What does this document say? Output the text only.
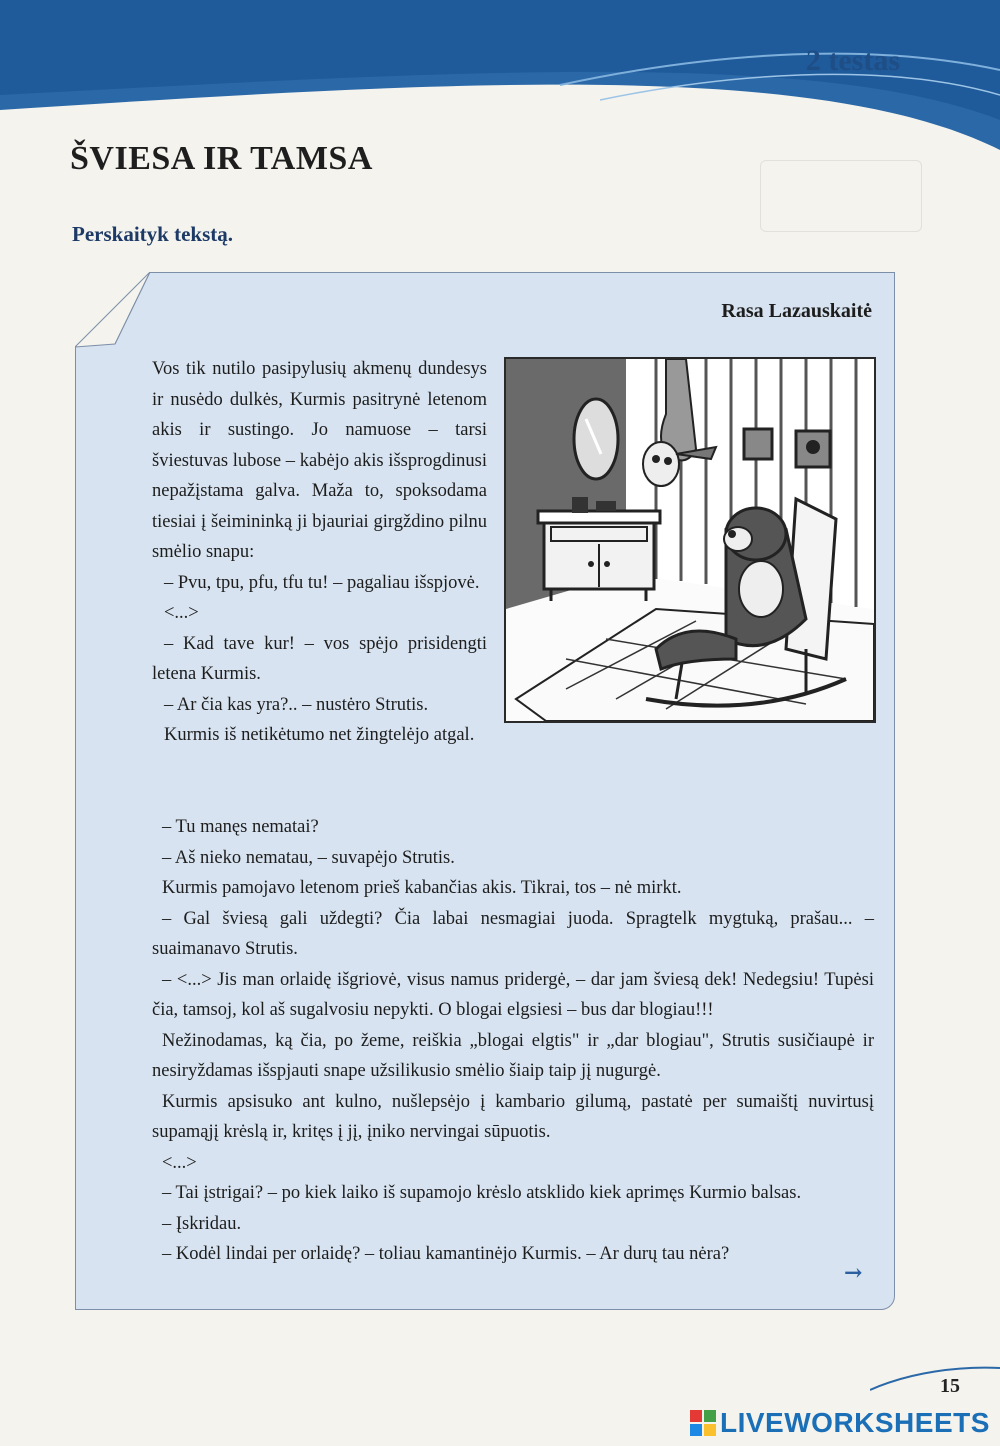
2 testas
ŠVIESA IR TAMSA
Perskaityk tekstą.
Rasa Lazauskaitė

Vos tik nutilo pasipylusių akmenų dundesys ir nusėdo dulkės, Kurmis pasitrynė letenom akis ir sustingo. Jo namuose – tarsi šviestuvas lubose – kabėjo akis išsprogdinusi nepažįstama galva. Maža to, spoksodama tiesiai į šeimininką ji bjauriai girgždino pilnu smėlio snapu:

– Pvu, tpu, pfu, tfu tu! – pagaliau išspjovė.

<...>

– Kad tave kur! – vos spėjo prisidengti letena Kurmis.

– Ar čia kas yra?.. – nustėro Strutis.

Kurmis iš netikėtumo net žingtelėjo atgal.

– Tu manęs nematai?

– Aš nieko nematau, – suvapėjo Strutis.

Kurmis pamojavo letenom prieš kabančias akis. Tikrai, tos – nė mirkt.

– Gal šviesą gali uždegti? Čia labai nesmagiai juoda. Spragtelk mygtuką, prašau... – suaimanavo Strutis.

– <...> Jis man orlaidę išgriovė, visus namus pridergė, – dar jam šviesą dek! Nedegsiu! Tupėsi čia, tamsoj, kol aš sugalvosiu nepykti. O blogai elgsiesi – bus dar blogiau!!!

Nežinodamas, ką čia, po žeme, reiškia „blogai elgtis" ir „dar blogiau", Strutis susičiaupė ir nesiryždamas išspjauti snape užsilikusio smėlio šiaip taip jį nugurgė.

Kurmis apsisuko ant kulno, nušlepsėjo į kambario gilumą, pastatė per sumaištį nuvirtusį supamąjį krėslą ir, kritęs į jį, įniko nervingai sūpuotis.

<...>

– Tai įstrigai? – po kiek laiko iš supamojo krėslo atsklido kiek aprimęs Kurmio balsas.

– Įskridau.

– Kodėl lindai per orlaidę? – toliau kamantinėjo Kurmis. – Ar durų tau nėra?

→
15
LIVEWORKSHEETS
